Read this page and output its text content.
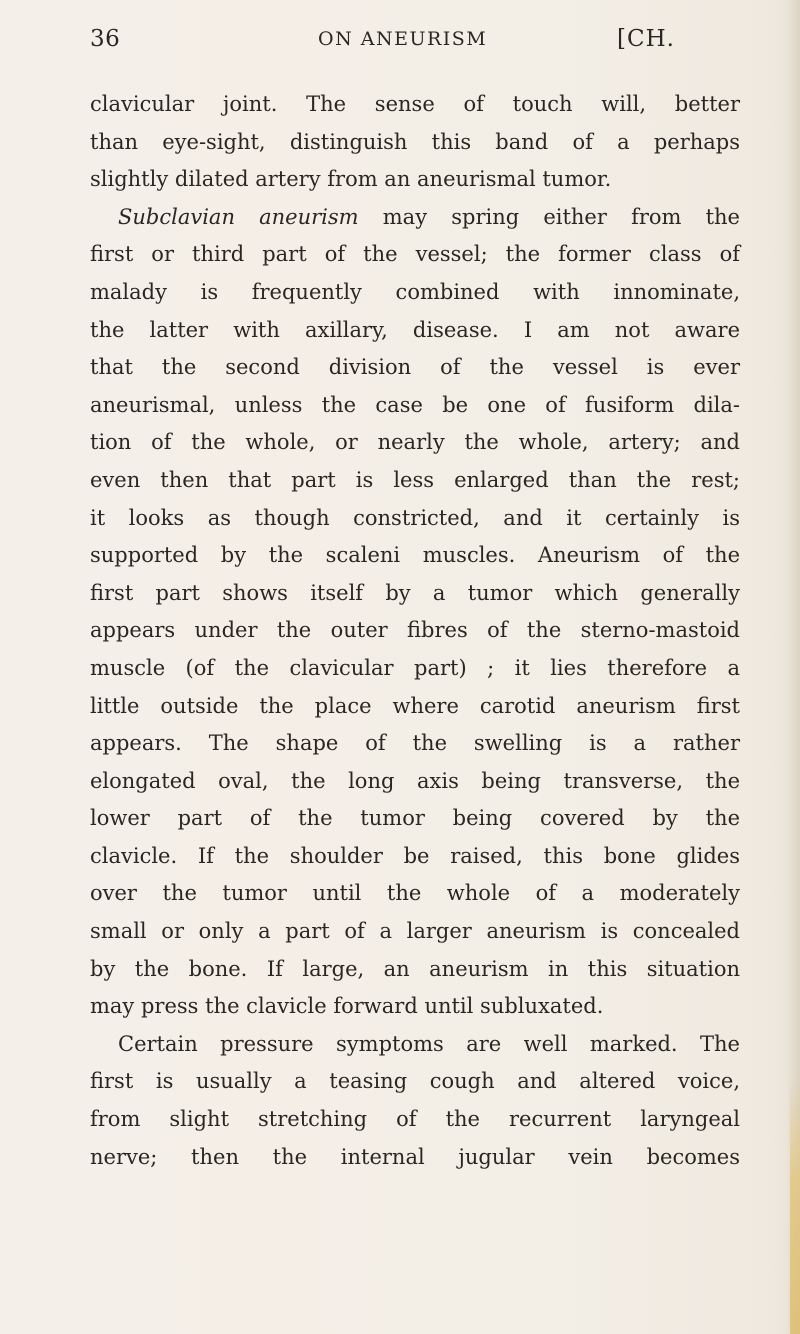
36	ON ANEURISM	[CH.
clavicular joint. The sense of touch will, better
than eye-sight, distinguish this band of a perhaps
slightly dilated artery from an aneurismal tumor.
Subclavian aneurism may spring either from the
first or third part of the vessel; the former class of
malady is frequently combined with innominate,
the latter with axillary, disease. I am not aware
that the second division of the vessel is ever
aneurismal, unless the case be one of fusiform dila-
tion of the whole, or nearly the whole, artery; and
even then that part is less enlarged than the rest;
it looks as though constricted, and it certainly is
supported by the scaleni muscles. Aneurism of the
first part shows itself by a tumor which generally
appears under the outer fibres of the sterno-mastoid
muscle (of the clavicular part) ; it lies therefore a
little outside the place where carotid aneurism first
appears. The shape of the swelling is a rather
elongated oval, the long axis being transverse, the
lower part of the tumor being covered by the
clavicle. If the shoulder be raised, this bone glides
over the tumor until the whole of a moderately
small or only a part of a larger aneurism is concealed
by the bone. If large, an aneurism in this situation
may press the clavicle forward until subluxated.
Certain pressure symptoms are well marked. The
first is usually a teasing cough and altered voice,
from slight stretching of the recurrent laryngeal
nerve; then the internal jugular vein becomes
